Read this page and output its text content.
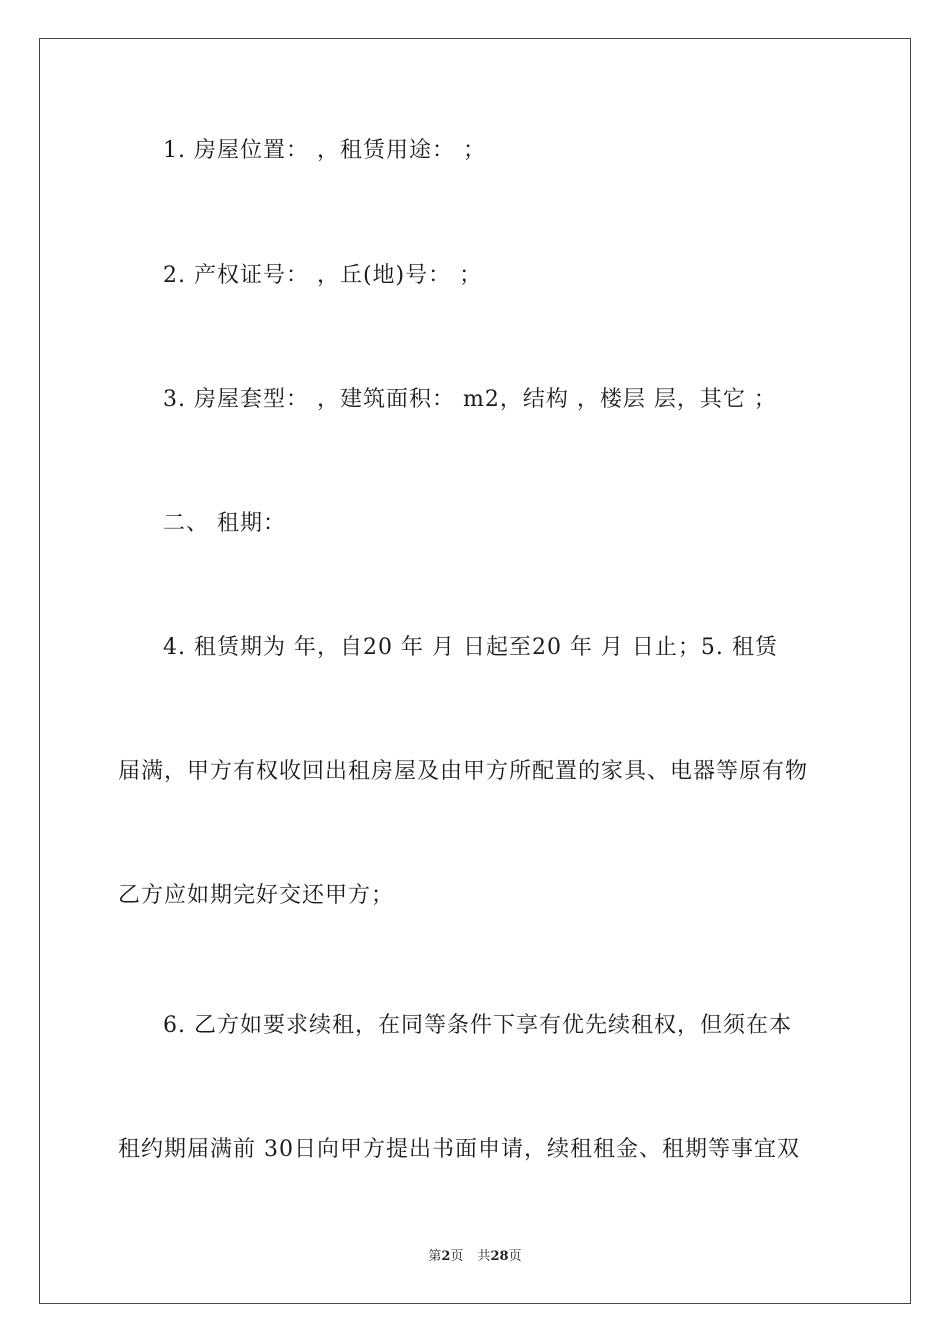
1. 房屋位置： ，租赁用途： ；
2. 产权证号： ，丘(地)号： ；
3. 房屋套型： ，建筑面积： m2，结构 ，楼层 层，其它 ；
二、 租期：
4. 租赁期为 年，自20 年 月 日起至20 年 月 日止；5. 租赁
届满，甲方有权收回出租房屋及由甲方所配置的家具、电器等原有物
乙方应如期完好交还甲方；
6. 乙方如要求续租，在同等条件下享有优先续租权，但须在本
租约期届满前 30日向甲方提出书面申请，续租租金、租期等事宜双
第2页 共28页
